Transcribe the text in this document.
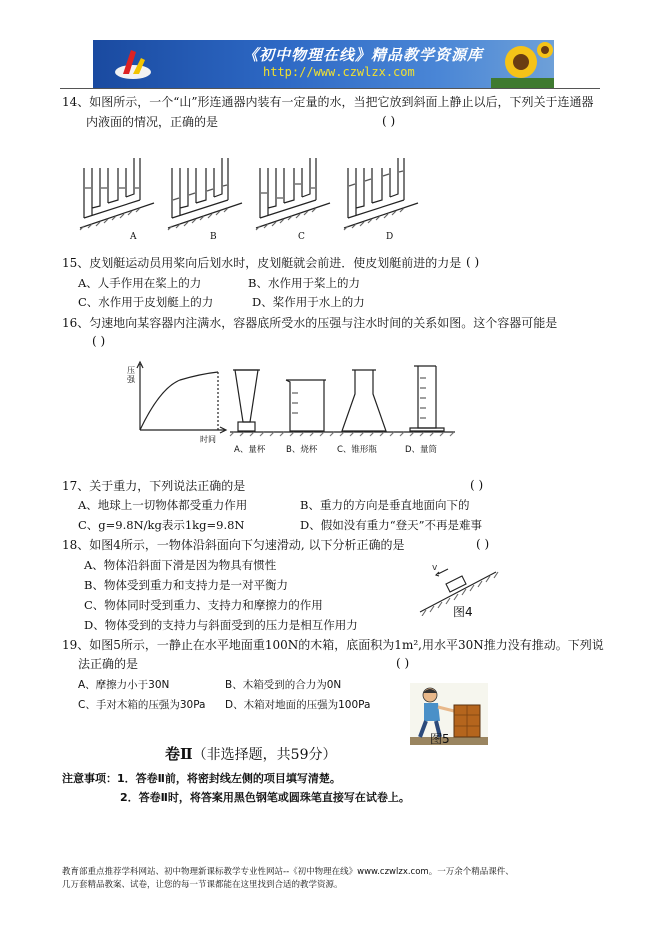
《初中物理在线》精品教学资源库
http://www.czwlzx.com
14、如图所示，一个“山”形连通器内装有一定量的水，当把它放到斜面上静止以后，下列关于连通器
内液面的情况，正确的是	( )
A	B	C	D
15、皮划艇运动员用桨向后划水时，皮划艇就会前进．使皮划艇前进的力是 ( )
A、人手作用在桨上的力	B、水作用于桨上的力
C、水作用于皮划艇上的力	D、桨作用于水上的力
16、匀速地向某容器内注满水，容器底所受水的压强与注水时间的关系如图。这个容器可能是
( )
压强
时间
A、量杯 B、烧杯 C、锥形瓶	D、量筒
17、关于重力，下列说法正确的是	( )
A、地球上一切物体都受重力作用	B、重力的方向是垂直地面向下的
C、g=9.8N/kg表示1kg=9.8N	D、假如没有重力“登天”不再是难事
18、如图4所示，一物体沿斜面向下匀速滑动, 以下分析正确的是	( )
A、物体沿斜面下滑是因为物具有惯性
B、物体受到重力和支持力是一对平衡力
C、物体同时受到重力、支持力和摩擦力的作用
D、物体受到的支持力与斜面受到的压力是相互作用力
v
图4
19、如图5所示，一静止在水平地面重100N的木箱，底面积为1m²,用水平30N推力没有推动。下列说
法正确的是	( )
A、摩擦力小于30N	B、木箱受到的合力为0N
C、手对木箱的压强为30Pa D、木箱对地面的压强为100Pa
图5
卷Ⅱ（非选择题，共59分）
注意事项：1．答卷Ⅱ前，将密封线左侧的项目填写清楚。
2．答卷Ⅱ时，将答案用黑色钢笔或圆珠笔直接写在试卷上。
教育部重点推荐学科网站、初中物理新课标教学专业性网站--《初中物理在线》www.czwlzx.com。一万余个精品课件、
几万套精品教案、试卷，让您的每一节课都能在这里找到合适的教学资源。
